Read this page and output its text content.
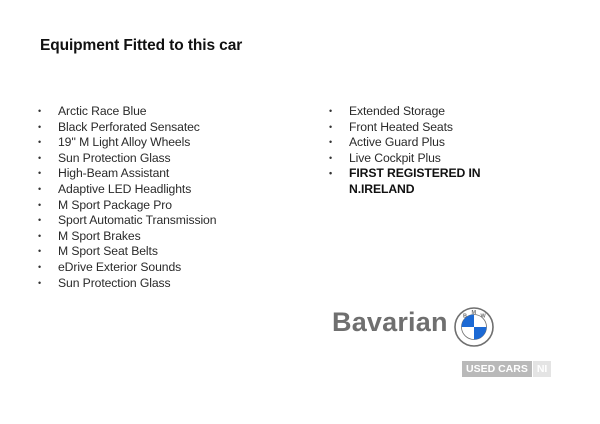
Equipment Fitted to this car
• Arctic Race Blue
• Black Perforated Sensatec
• 19'' M Light Alloy Wheels
• Sun Protection Glass
• High-Beam Assistant
• Adaptive LED Headlights
• M Sport Package Pro
• Sport Automatic Transmission
• M Sport Brakes
• M Sport Seat Belts
• eDrive Exterior Sounds
• Sun Protection Glass
• Extended Storage
• Front Heated Seats
• Active Guard Plus
• Live Cockpit Plus
• FIRST REGISTERED IN
N.IRELAND
Bavarian	B
M
W
USED CARS NI
